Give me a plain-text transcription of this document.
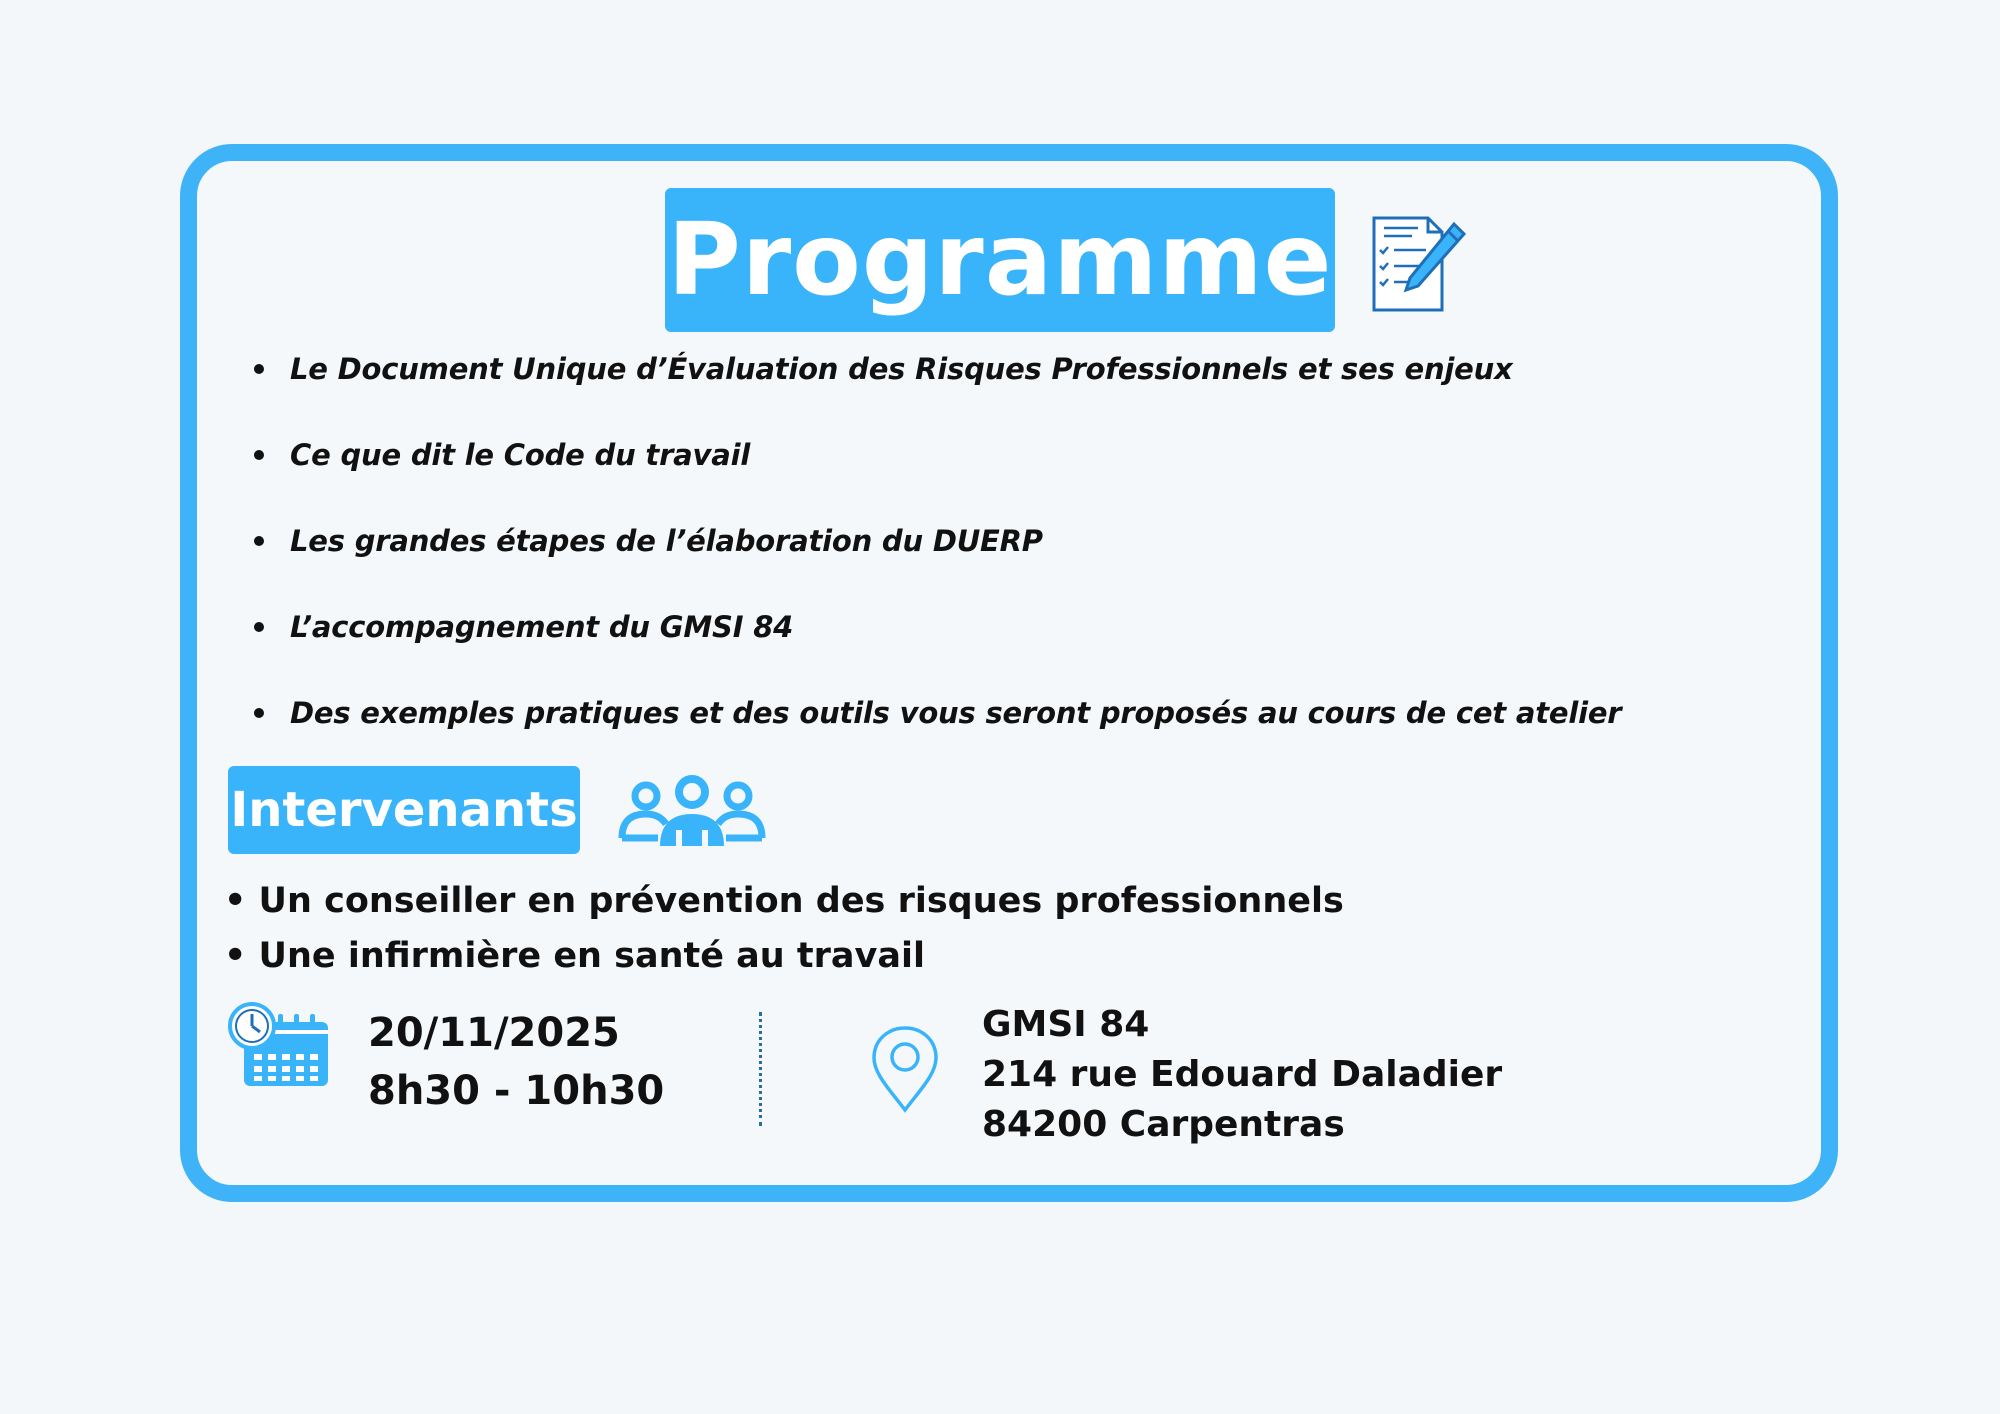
Programme
Le Document Unique d’Évaluation des Risques Professionnels et ses enjeux
Ce que dit le Code du travail
Les grandes étapes de l’élaboration du DUERP
L’accompagnement du GMSI 84
Des exemples pratiques et des outils vous seront proposés au cours de cet atelier
Intervenants
• Un conseiller en prévention des risques professionnels
• Une infirmière en santé au travail
20/11/2025
8h30 - 10h30
GMSI 84
214 rue Edouard Daladier
84200 Carpentras
